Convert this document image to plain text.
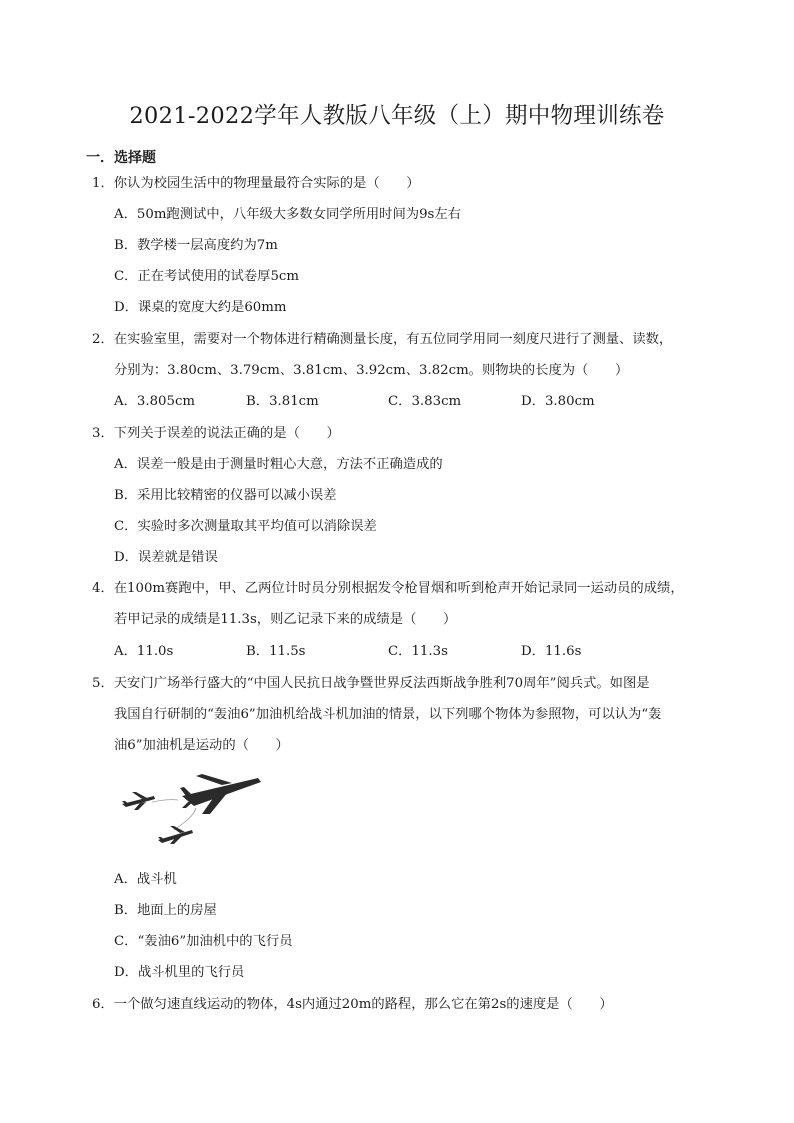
2021-2022学年人教版八年级（上）期中物理训练卷
一．选择题
1．你认为校园生活中的物理量最符合实际的是（　　）
A．50m跑测试中，八年级大多数女同学所用时间为9s左右
B．教学楼一层高度约为7m
C．正在考试使用的试卷厚5cm
D．课桌的宽度大约是60mm
2．在实验室里，需要对一个物体进行精确测量长度，有五位同学用同一刻度尺进行了测量、读数，
分别为：3.80cm、3.79cm、3.81cm、3.92cm、3.82cm。则物块的长度为（　　）
A．3.805cm	B．3.81cm	C．3.83cm	D．3.80cm
3．下列关于误差的说法正确的是（　　）
A．误差一般是由于测量时粗心大意，方法不正确造成的
B．采用比较精密的仪器可以减小误差
C．实验时多次测量取其平均值可以消除误差
D．误差就是错误
4．在100m赛跑中，甲、乙两位计时员分别根据发令枪冒烟和听到枪声开始记录同一运动员的成绩，
若甲记录的成绩是11.3s，则乙记录下来的成绩是（　　）
A．11.0s	B．11.5s	C．11.3s	D．11.6s
5．天安门广场举行盛大的“中国人民抗日战争暨世界反法西斯战争胜利70周年”阅兵式。如图是
我国自行研制的“轰油6”加油机给战斗机加油的情景，以下列哪个物体为参照物，可以认为“轰
油6”加油机是运动的（　　）
A．战斗机
B．地面上的房屋
C．“轰油6”加油机中的飞行员
D．战斗机里的飞行员
6．一个做匀速直线运动的物体，4s内通过20m的路程，那么它在第2s的速度是（　　）
